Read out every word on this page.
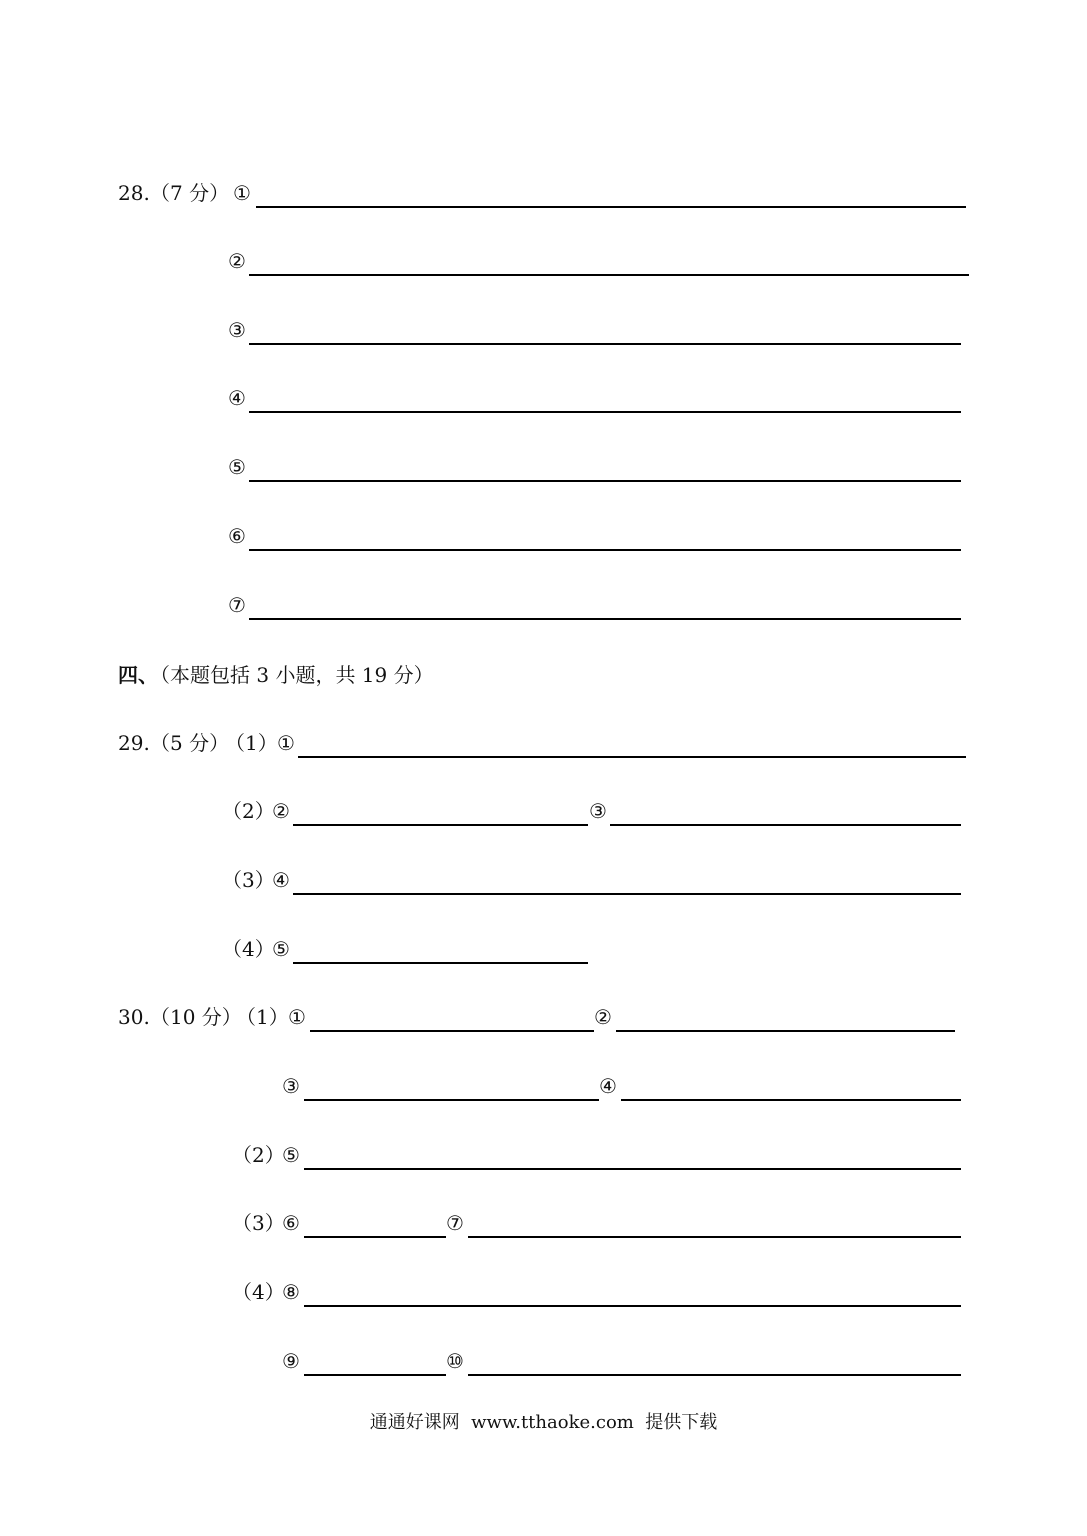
28. （7 分） ①
②
③
④
⑤
⑥
⑦
四、
（本题包括 3 小题，共 19 分）
29. （5 分）
（1） ①
（2）
②	③
（3）
④
（4）
⑤
30. （10 分）
（1） ①	②
③	④
（2）
⑤
（3）
⑥	⑦
（4）
⑧
⑨	⑩
通通好课网  www.tthaoke.com  提供下载
